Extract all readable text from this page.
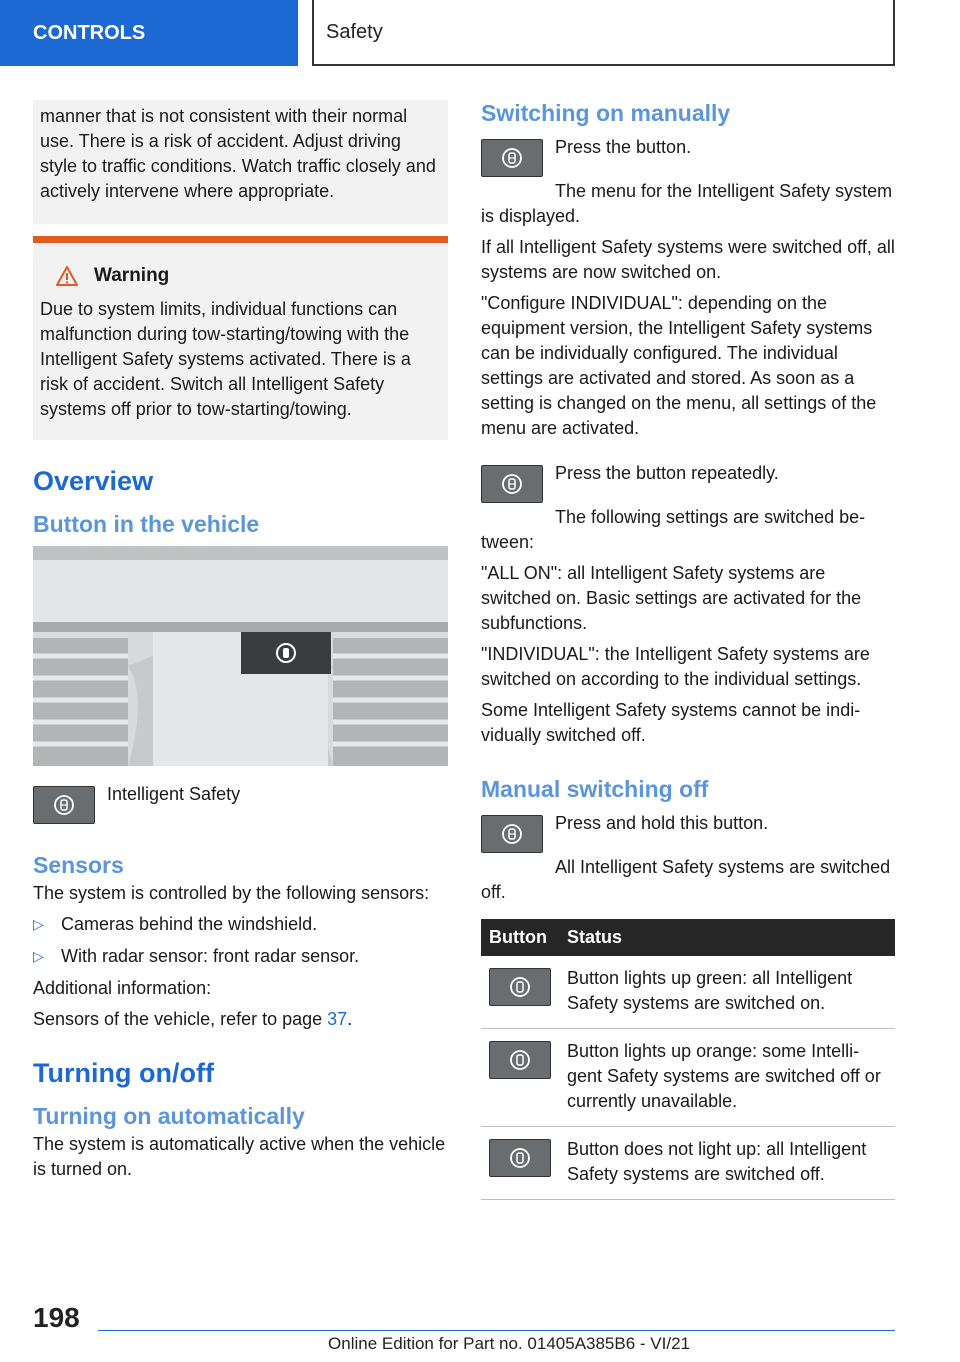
CONTROLS	Safety

manner that is not consistent with their normal use. There is a risk of accident. Adjust driving style to traffic conditions. Watch traffic closely and actively intervene where appropriate.

Warning

Due to system limits, individual functions can malfunction during tow-starting/towing with the Intelligent Safety systems activated. There is a risk of accident. Switch all Intelligent Safety systems off prior to tow-starting/towing.

Overview
Button in the vehicle

Intelligent Safety

Sensors

The system is controlled by the following sensors:

▷ Cameras behind the windshield.
▷ With radar sensor: front radar sensor.

Additional information:

Sensors of the vehicle, refer to page 37.

Turning on/off
Turning on automatically

The system is automatically active when the vehicle is turned on.

Switching on manually

Press the button.

The menu for the Intelligent Safety system is displayed.

If all Intelligent Safety systems were switched off, all systems are now switched on.

"Configure INDIVIDUAL": depending on the equipment version, the Intelligent Safety systems can be individually configured. The individual settings are activated and stored. As soon as a setting is changed on the menu, all settings of the menu are activated.

Press the button repeatedly.

The following settings are switched between:

"ALL ON": all Intelligent Safety systems are switched on. Basic settings are activated for the subfunctions.

"INDIVIDUAL": the Intelligent Safety systems are switched on according to the individual settings.

Some Intelligent Safety systems cannot be individually switched off.

Manual switching off

Press and hold this button.

All Intelligent Safety systems are switched off.

Button	Status

	Button lights up green: all Intelligent Safety systems are switched on.

	Button lights up orange: some Intelligent Safety systems are switched off or currently unavailable.

	Button does not light up: all Intelligent Safety systems are switched off.
198
Online Edition for Part no. 01405A385B6 - VI/21
